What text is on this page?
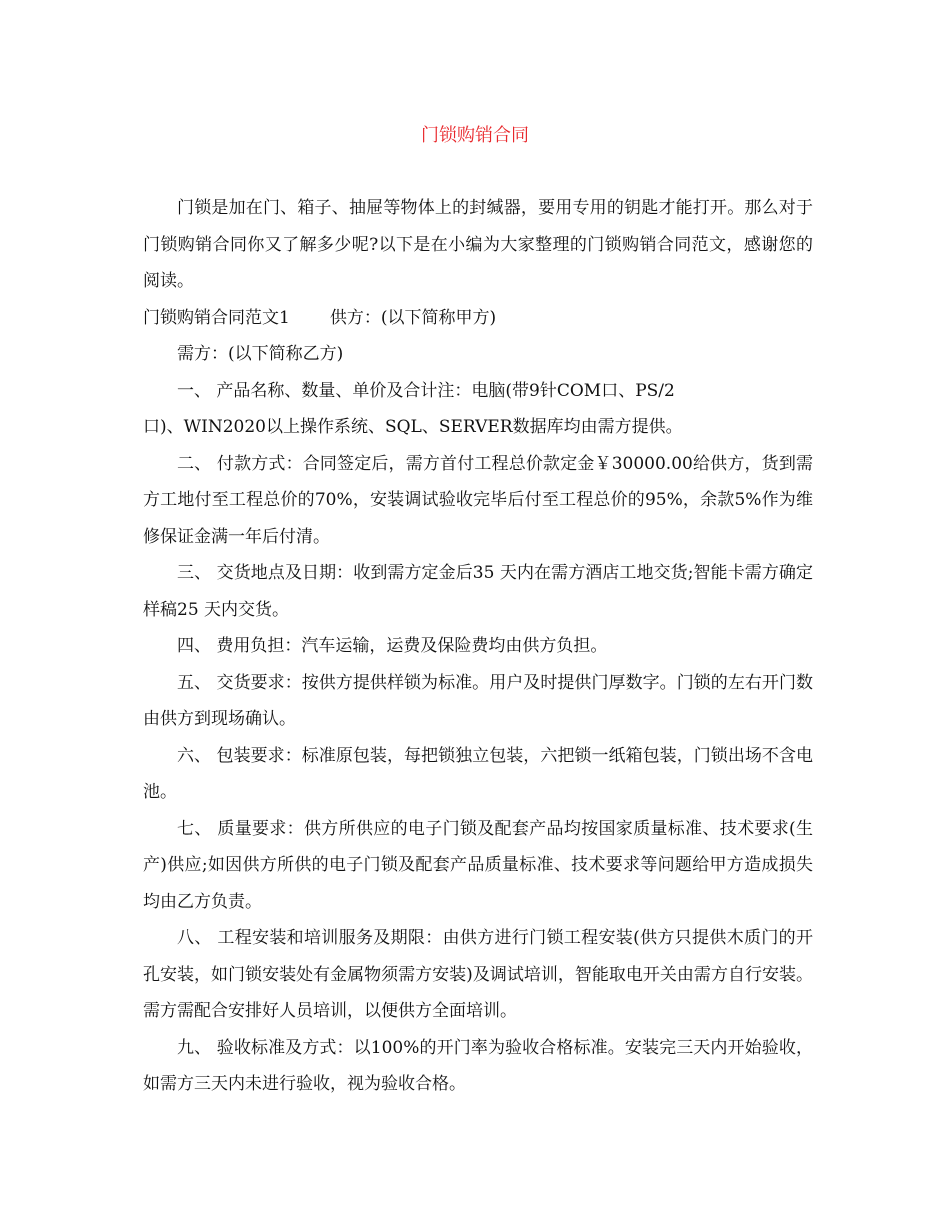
门锁购销合同

门锁是加在门、箱子、抽屉等物体上的封缄器，要用专用的钥匙才能打开。那么对于门锁购销合同你又了解多少呢?以下是在小编为大家整理的门锁购销合同范文，感谢您的阅读。

门锁购销合同范文1 供方：(以下简称甲方)

需方：(以下简称乙方)

一、 产品名称、数量、单价及合计注：电脑(带9针COM口、PS/2

口)、WIN2020以上操作系统、SQL、SERVER数据库均由需方提供。

二、 付款方式：合同签定后，需方首付工程总价款定金￥30000.00给供方，货到需方工地付至工程总价的70%，安装调试验收完毕后付至工程总价的95%，余款5%作为维修保证金满一年后付清。

三、 交货地点及日期：收到需方定金后35 天内在需方酒店工地交货;智能卡需方确定样稿25 天内交货。

四、 费用负担：汽车运输，运费及保险费均由供方负担。

五、 交货要求：按供方提供样锁为标准。用户及时提供门厚数字。门锁的左右开门数由供方到现场确认。

六、 包装要求：标准原包装，每把锁独立包装，六把锁一纸箱包装，门锁出场不含电池。

七、 质量要求：供方所供应的电子门锁及配套产品均按国家质量标准、技术要求(生产)供应;如因供方所供的电子门锁及配套产品质量标准、技术要求等问题给甲方造成损失均由乙方负责。

八、 工程安装和培训服务及期限：由供方进行门锁工程安装(供方只提供木质门的开孔安装，如门锁安装处有金属物须需方安装)及调试培训，智能取电开关由需方自行安装。需方需配合安排好人员培训，以便供方全面培训。

九、 验收标准及方式：以100%的开门率为验收合格标准。安装完三天内开始验收，如需方三天内未进行验收，视为验收合格。
